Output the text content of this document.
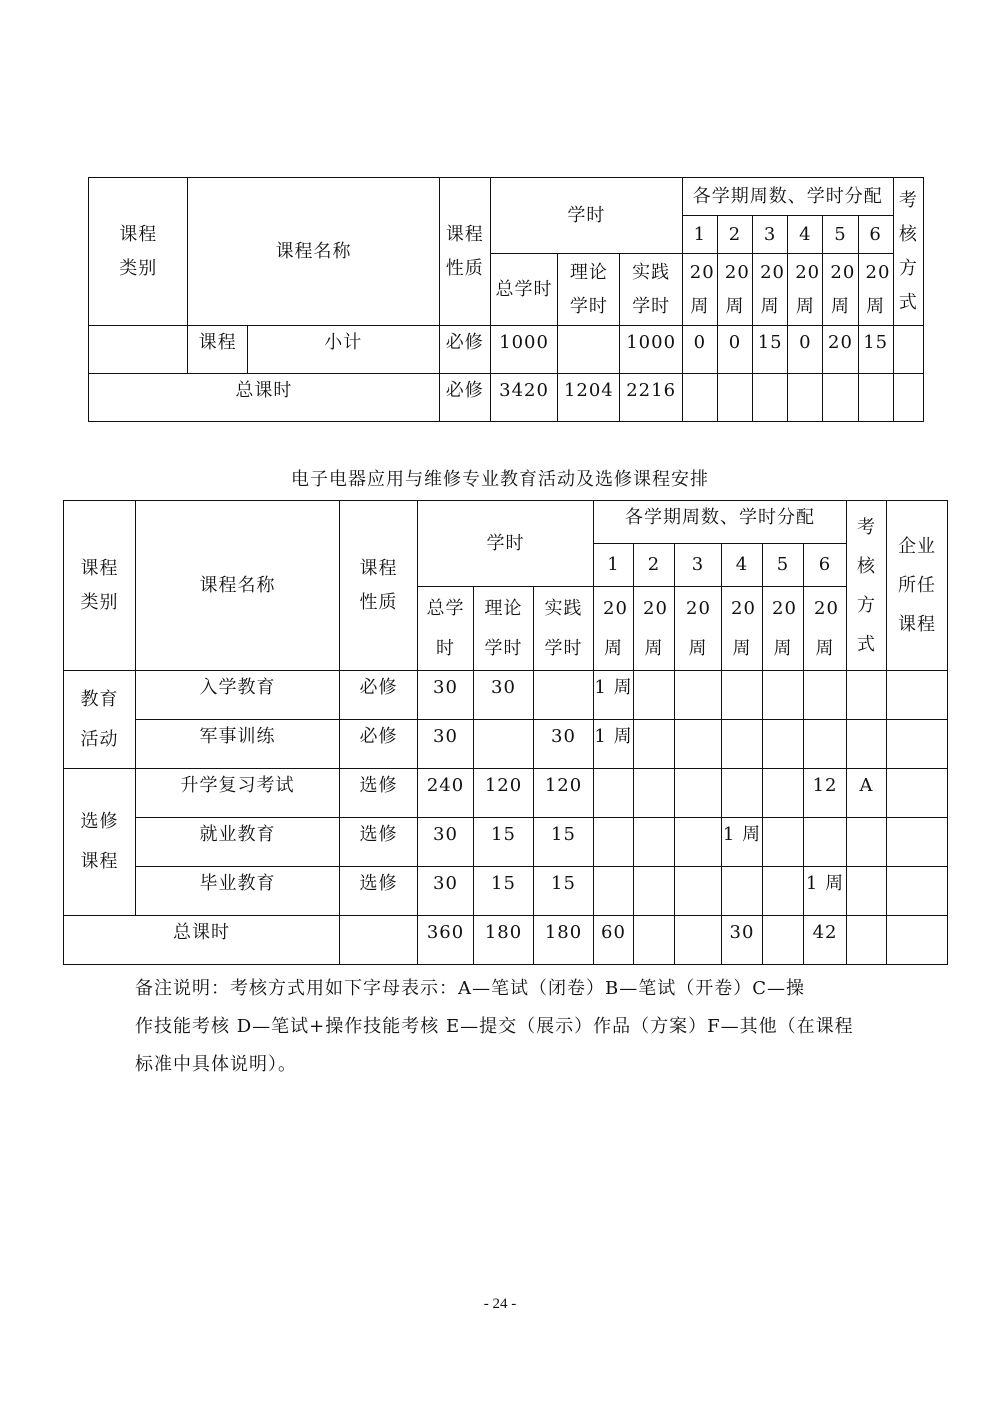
课程类别	课程名称		课程性质	学时			各学期周数、学时分配						考核方式
							1	2	3	4	5	6	
				总学时	理论学时	实践学时	20周	20周	20周	20周	20周	20周	
	课程	小计	必修	1000		1000	0	0	15	0	20	15	
总课时			必修	3420	1204	2216							
电子电器应用与维修专业教育活动及选修课程安排
课程类别	课程名称	课程性质	学时			各学期周数、学时分配						考核方式	企业所任课程
						1	2	3	4	5	6		
			总学时	理论学时	实践学时	20周	20周	20周	20周	20周	20周		
教育活动	入学教育	必修	30	30		1 周							
	军事训练	必修	30		30	1 周							
选修课程	升学复习考试	选修	240	120	120						12	A	
	就业教育	选修	30	15	15				1 周				
	毕业教育	选修	30	15	15						1 周		
总课时			360	180	180	60			30		42		
备注说明：考核方式用如下字母表示：A—笔试（闭卷）B—笔试（开卷）C—操
作技能考核 D—笔试+操作技能考核 E—提交（展示）作品（方案）F—其他（在课程
标准中具体说明）。
- 24 -
